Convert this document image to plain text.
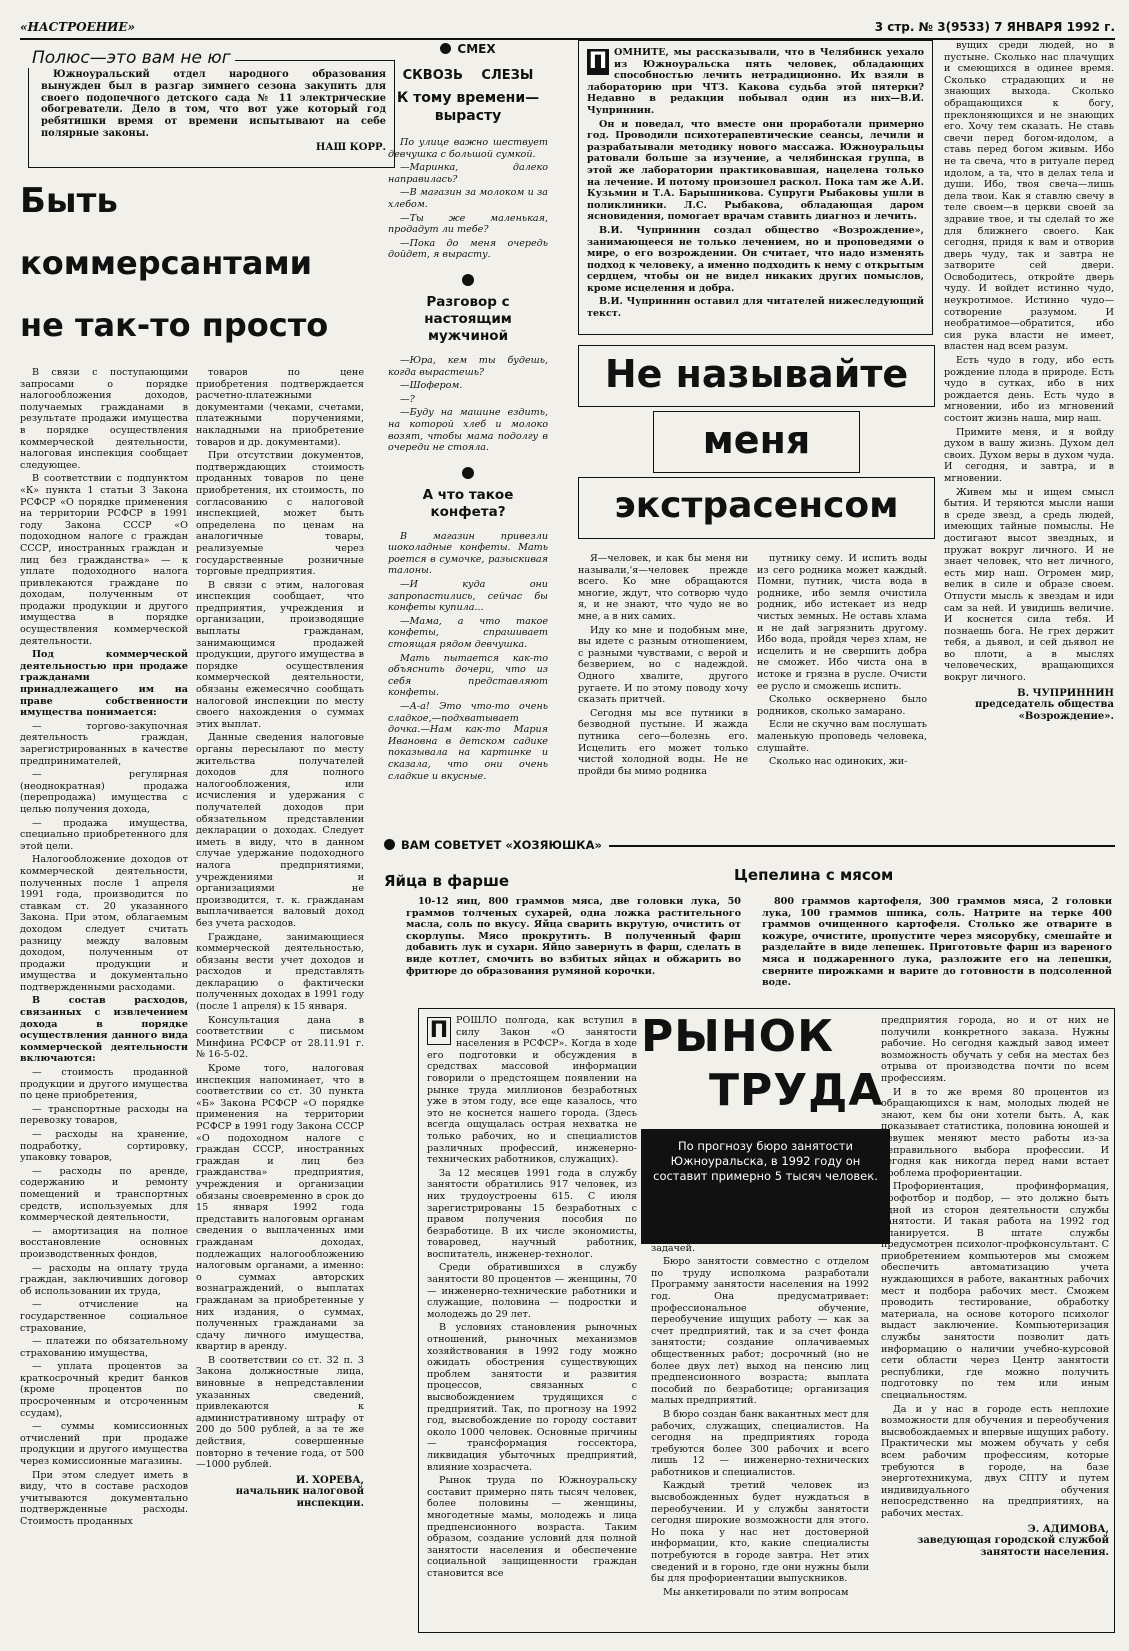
«НАСТРОЕНИЕ»	3 стр. № 3(9533) 7 ЯНВАРЯ 1992 г.
Полюс—это вам не юг

Южноуральский отдел народного образования вынужден был в разгар зимнего сезона закупить для своего подопечного детского сада № 11 электрические обогреватели. Дело в том, что вот уже который год ребятишки время от времени испытывают на себе полярные законы.

НАШ КОРР.
Быть
коммерсантами
не так-то просто

В связи с поступающими запросами о порядке налогообложения доходов, получаемых гражданами в результате продажи имущества в порядке осуществления коммерческой деятельности, налоговая инспекция сообщает следующее.

В соответствии с подпунктом «К» пункта 1 статьи 3 Закона РСФСР «О порядке применения на территории РСФСР в 1991 году Закона СССР «О подоходном налоге с граждан СССР, иностранных граждан и лиц без гражданства» — к уплате подоходного налога привлекаются граждане по доходам, полученным от продажи продукции и другого имущества в порядке осуществления коммерческой деятельности.

Под коммерческой деятельностью при продаже гражданами принадлежащего им на праве собственности имущества понимается:

— торгово-закупочная деятельность граждан, зарегистрированных в качестве предпринимателей,

— регулярная (неоднократная) продажа (перепродажа) имущества с целью получения дохода,

— продажа имущества, специально приобретенного для этой цели.

Налогообложение доходов от коммерческой деятельности, полученных после 1 апреля 1991 года, производится по ставкам ст. 20 указанного Закона. При этом, облагаемым доходом следует считать разницу между валовым доходом, полученным от продажи продукции и имущества и документально подтвержденными расходами.

В состав расходов, связанных с извлечением дохода в порядке осуществления данного вида коммерческой деятельности включаются:

— стоимость проданной продукции и другого имущества по цене приобретения,

— транспортные расходы на перевозку товаров,

— расходы на хранение, подработку, сортировку, упаковку товаров,

— расходы по аренде, содержанию и ремонту помещений и транспортных средств, используемых для коммерческой деятельности,

— амортизация на полное восстановление основных производственных фондов,

— расходы на оплату труда граждан, заключивших договор об использовании их труда,

— отчисление на государственное социальное страхование,

— платежи по обязательному страхованию имущества,

— уплата процентов за краткосрочный кредит банков (кроме процентов по просроченным и отсроченным ссудам),

— суммы комиссионных отчислений при продаже продукции и другого имущества через комиссионные магазины.

При этом следует иметь в виду, что в составе расходов учитываются документально подтвержденные расходы. Стоимость проданных

товаров по цене приобретения подтверждается расчетно-платежными документами (чеками, счетами, платежными поручениями, накладными на приобретение товаров и др. документами).

При отсутствии документов, подтверждающих стоимость проданных товаров по цене приобретения, их стоимость, по согласованию с налоговой инспекцией, может быть определена по ценам на аналогичные товары, реализуемые через государственные розничные торговые предприятия.

В связи с этим, налоговая инспекция сообщает, что предприятия, учреждения и организации, производящие выплаты гражданам, занимающимся продажей продукции, другого имущества в порядке осуществления коммерческой деятельности, обязаны ежемесячно сообщать налоговой инспекции по месту своего нахождения о суммах этих выплат.

Данные сведения налоговые органы пересылают по месту жительства получателей доходов для полного налогообложения, или исчисления и удержания с получателей доходов при обязательном представлении декларации о доходах. Следует иметь в виду, что в данном случае удержание подоходного налога предприятиями, учреждениями и организациями не производится, т. к. гражданам выплачивается валовый доход без учета расходов.

Граждане, занимающиеся коммерческой деятельностью, обязаны вести учет доходов и расходов и представлять декларацию о фактически полученных доходах в 1991 году (после 1 апреля) к 15 января.

Консультация дана в соответствии с письмом Минфина РСФСР от 28.11.91 г. № 16-5-02.

Кроме того, налоговая инспекция напоминает, что в соответствии со ст. 30 пункта «Б» Закона РСФСР «О порядке применения на территории РСФСР в 1991 году Закона СССР «О подоходном налоге с граждан СССР, иностранных граждан и лиц без гражданства» предприятия, учреждения и организации обязаны своевременно в срок до 15 января 1992 года представить налоговым органам сведения о выплаченных ими гражданам доходах, подлежащих налогообложению налоговым органами, а именно: о суммах авторских вознаграждений, о выплатах гражданам за приобретенные у них издания, о суммах, полученных гражданами за сдачу личного имущества, квартир в аренду.

В соответствии со ст. 32 п. 3 Закона должностные лица, виновные в непредставлении указанных сведений, привлекаются к административному штрафу от 200 до 500 рублей, а за те же действия, совершенные повторно в течение года, от 500—1000 рублей.

И. ХОРЕВА,
начальник налоговой инспекции.
СМЕХ
СКВОЗЬ СЛЕЗЫ
К тому времени— вырасту

По улице важно шествует девчушка с большой сумкой.

—Маринка, далеко направилась?

—В магазин за молоком и за хлебом.

—Ты же маленькая, продадут ли тебе?

—Пока до меня очередь дойдет, я вырасту.

Разговор с настоящим мужчиной

—Юра, кем ты будешь, когда вырастешь?

—Шофером.

—?

—Буду на машине ездить, на которой хлеб и молоко возят, чтобы мама подолгу в очереди не стояла.

А что такое конфета?

В магазин привезли шоколадные конфеты. Мать роется в сумочке, разыскивая талоны.

—И куда они запропастились, сейчас бы конфеты купила...

—Мама, а что такое конфеты, спрашивает стоящая рядом девчушка.

Мать пытается как-то объяснить дочери, что из себя представляют конфеты.

—А-а! Это что-то очень сладкое,—подхватывает дочка.—Нам как-то Мария Ивановна в детском садике показывала на картинке и сказала, что они очень сладкие и вкусные.

П ОМНИТЕ, мы рассказывали, что в Челябинск уехало из Южноуральска пять человек, обладающих способностью лечить нетрадиционно. Их взяли в лабораторию при ЧТЗ. Какова судьба этой пятерки? Недавно в редакции побывал один из них—В.И. Чуприннин.

Он и поведал, что вместе они проработали примерно год. Проводили психотерапевтические сеансы, лечили и разрабатывали методику нового массажа. Южноуральцы ратовали больше за изучение, а челябинская группа, в этой же лаборатории практиковавшая, нацелена только на лечение. И потому произошел раскол. Пока там же А.И. Кузьмин и Т.А. Барышникова. Супруги Рыбаковы ушли в поликлиники. Л.С. Рыбакова, обладающая даром ясновидения, помогает врачам ставить диагноз и лечить.

В.И. Чуприннин создал общество «Возрождение», занимающееся не только лечением, но и проповедями о мире, о его возрождении. Он считает, что надо изменять подход к человеку, а именно подходить к нему с открытым сердцем, чтобы он не видел никаких других помыслов, кроме исцеления и добра.

В.И. Чуприннин оставил для читателей нижеследующий текст.

Не называйте
меня
экстрасенсом

Я—человек, и как бы меня ни называли,'я—человек прежде всего. Ко мне обращаются многие, ждут, что сотворю чудо я, и не знают, что чудо не во мне, а в них самих.

Иду ко мне и подобным мне, вы идете с разным отношением, с разными чувствами, с верой и безверием, но с надеждой. Одного хвалите, другого ругаете. И по этому поводу хочу сказать притчей.

Сегодня мы все путники в безводной пустыне. И жажда путника сего—болезнь его. Исцелить его может только чистой холодной воды. Не не пройди бы мимо родника

путнику сему. И испить воды из сего родника может каждый. Помни, путник, чиста вода в роднике, ибо земля очистила родник, ибо истекает из недр чистых земных. Не оставь хлама и не дай загрязнить другому. Ибо вода, пройдя через хлам, не исцелить и не свершить добра не сможет. Ибо чиста она в истоке и грязна в русле. Очисти ее русло и сможешь испить.

Сколько осквернено было родников, сколько замарано.

Если не скучно вам послушать маленькую проповедь человека, слушайте.

Сколько нас одиноких, жи-

вущих среди людей, но в пустыне. Сколько нас плачущих и смеющихся в одинее время. Сколько страдающих и не знающих выхода. Сколько обращающихся к богу, преклоняющихся и не знающих его. Хочу тем сказать. Не ставь свечи перед богом-идолом, а ставь перед богом живым. Ибо не та свеча, что в ритуале перед идолом, а та, что в делах тела и души. Ибо, твоя свеча—лишь дела твои. Как я ставлю свечу в теле своем—в церкви своей за здравие твое, и ты сделай то же для ближнего своего. Как сегодня, придя к вам и отворив дверь чуду, так и завтра не затворите сей двери. Освободитесь, откройте дверь чуду. И войдет истинно чудо, неукротимое. Истинно чудо—сотворение разумом. И необратимое—обратится, ибо сия рука власти не имеет, властен над всем разум.

Есть чудо в году, ибо есть рождение плода в природе. Есть чудо в сутках, ибо в них рождается день. Есть чудо в мгновении, ибо из мгновений состоит жизнь наша, мир наш.

Примите меня, и я войду духом в вашу жизнь. Духом дел своих. Духом веры в духом чуда. И сегодня, и завтра, и в мгновении.

Живем мы и ищем смысл бытия. И теряются мысли наши в среде звезд, а средь людей, имеющих тайные помыслы. Не достигают высот звездных, и пружат вокруг личного. И не знает человек, что нет личного, есть мир наш. Огромен мир, велик в силе и образе своем. Отпусти мысль к звездам и иди сам за ней. И увидишь величие. И коснется сила тебя. И познаешь бога. Не грех держит тебя, а дьявол, и сей дьявол не во плоти, а в мыслях человеческих, вращающихся вокруг личного.

В. ЧУПРИННИН
председатель общества «Возрождение».
ВАМ СОВЕТУЕТ «ХОЗЯЮШКА»
Яйца в фарше

10-12 яиц, 800 граммов мяса, две головки лука, 50 граммов толченых сухарей, одна ложка растительного масла, соль по вкусу. Яйца сварить вкрутую, очистить от скорлупы. Мясо прокрутить. В полученный фарш добавить лук и сухари. Яйцо завернуть в фарш, сделать в виде котлет, смочить во взбитых яйцах и обжарить во фритюре до образования румяной корочки.

Цепелина с мясом

800 граммов картофеля, 300 граммов мяса, 2 головки лука, 100 граммов шпика, соль. Натрите на терке 400 граммов очищенного картофеля. Столько же отварите в кожуре, очистите, пропустите через мясорубку, смешайте и разделайте в виде лепешек. Приготовьте фарш из вареного мяса и поджаренного лука, разложите его на лепешки, сверните пирожками и варите до готовности в подсоленной воде.

П РОШЛО полгода, как вступил в силу Закон «О занятости населения в РСФСР». Когда в ходе его подготовки и обсуждения в средствах массовой информации говорили о предстоящем появлении на рынке труда миллионов безработных уже в этом году, все еще казалось, что это не коснется нашего города. (Здесь всегда ощущалась острая нехватка не только рабочих, но и специалистов различных профессий, инженерно-технических работников, служащих).

За 12 месяцев 1991 года в службу занятости обратились 917 человек, из них трудоустроены 615. С июля зарегистрированы 15 безработных с правом получения пособия по безработице. В их числе экономисты, товаровед, научный работник, воспитатель, инженер-технолог.

Среди обратившихся в службу занятости 80 процентов — женщины, 70 — инженерно-технические работники и служащие, половина — подростки и молодежь до 29 лет.

В условиях становления рыночных отношений, рыночных механизмов хозяйствования в 1992 году можно ожидать обострения существующих проблем занятости и развития процессов, связанных с высвобождением трудящихся с предприятий. Так, по прогнозу на 1992 год, высвобождение по городу составит около 1000 человек. Основные причины — трансформация госсектора, ликвидация убыточных предприятий, влияние хозрасчета.

Рынок труда по Южноуральску составит примерно пять тысяч человек, более половины — женщины, многодетные мамы, молодежь и лица предпенсионного возраста. Таким образом, создание условий для полной занятости населения и обеспечение социальной защищенности граждан становится все

РЫНОК
ТРУДА
По прогнозу бюро занятости Южноуральска, в 1992 году он составит примерно 5 тысяч человек.

более важной социально-экономической задачей.

Бюро занятости совместно с отделом по труду исполкома разработали Программу занятости населения на 1992 год. Она предусматривает: профессиональное обучение, переобучение ищущих работу — как за счет предприятий, так и за счет фонда занятости; создание оплачиваемых общественных работ; досрочный (но не более двух лет) выход на пенсию лиц предпенсионного возраста; выплата пособий по безработице; организация малых предприятий.

В бюро создан банк вакантных мест для рабочих, служащих, специалистов. На сегодня на предприятиях города требуются более 300 рабочих и всего лишь 12 — инженерно-технических работников и специалистов.

Каждый третий человек из высвобожденных будет нуждаться в переобучении. И у службы занятости сегодня широкие возможности для этого. Но пока у нас нет достоверной информации, кто, какие специалисты потребуются в городе завтра. Нет этих сведений и в гороно, где они нужны были бы для профориентации выпускников.

Мы анкетировали по этим вопросам

предприятия города, но и от них не получили конкретного заказа. Нужны рабочие. Но сегодня каждый завод имеет возможность обучать у себя на местах без отрыва от производства почти по всем профессиям.

И в то же время 80 процентов из обращающихся к нам, молодых людей не знают, кем бы они хотели быть. А, как показывает статистика, половина юношей и девушек меняют место работы из-за неправильного выбора профессии. И сегодня как никогда перед нами встает проблема профориентации.

Профориентация, профинформация, профотбор и подбор, — это должно быть одной из сторон деятельности службы занятости. И такая работа на 1992 год планируется. В штате службы предусмотрен психолог-профконсультант. С приобретением компьютеров мы сможем обеспечить автоматизацию учета нуждающихся в работе, вакантных рабочих мест и подбора рабочих мест. Сможем проводить тестирование, обработку материала, на основе которого психолог выдаст заключение. Компьютеризация службы занятости позволит дать информацию о наличии учебно-курсовой сети области через Центр занятости республики, где можно получить подготовку по тем или иным специальностям.

Да и у нас в городе есть неплохие возможности для обучения и переобучения высвобождаемых и впервые ищущих работу. Практически мы можем обучать у себя всем рабочим профессиям, которые требуются в городе, на базе энерготехникума, двух СПТУ и путем индивидуального обучения непосредственно на предприятиях, на рабочих местах.

Э. АДИМОВА,
заведующая городской службой занятости населения.
